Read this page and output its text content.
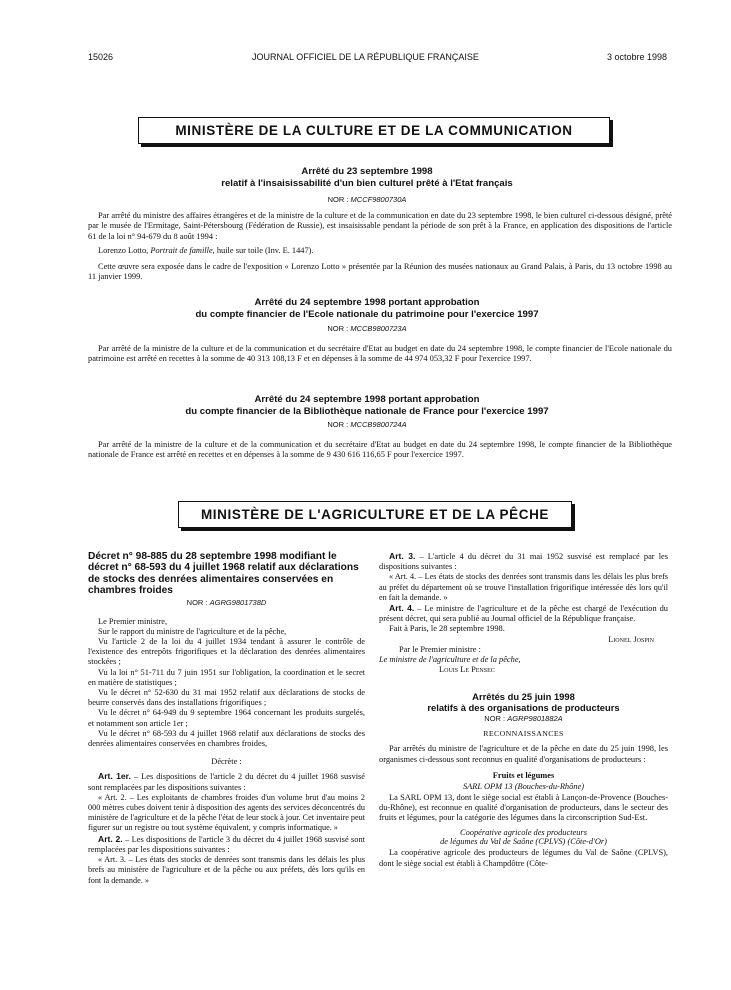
15026	JOURNAL OFFICIEL DE LA RÉPUBLIQUE FRANÇAISE	3 octobre 1998
MINISTÈRE DE LA CULTURE ET DE LA COMMUNICATION
Arrêté du 23 septembre 1998
relatif à l'insaisissabilité d'un bien culturel prêté à l'Etat français
NOR : MCCF9800730A

Par arrêté du ministre des affaires étrangères et de la ministre de la culture et de la communication en date du 23 septembre 1998, le bien culturel ci-dessous désigné, prêté par le musée de l'Ermitage, Saint-Pétersbourg (Fédération de Russie), est insaisissable pendant la période de son prêt à la France, en application des dispositions de l'article 61 de la loi n° 94-679 du 8 août 1994 :

Lorenzo Lotto, Portrait de famille, huile sur toile (Inv. E. 1447).

Cette œuvre sera exposée dans le cadre de l'exposition « Lorenzo Lotto » présentée par la Réunion des musées nationaux au Grand Palais, à Paris, du 13 octobre 1998 au 11 janvier 1999.

Arrêté du 24 septembre 1998 portant approbation
du compte financier de l'Ecole nationale du patrimoine pour l'exercice 1997
NOR : MCCB9800723A

Par arrêté de la ministre de la culture et de la communication et du secrétaire d'Etat au budget en date du 24 septembre 1998, le compte financier de l'Ecole nationale du patrimoine est arrêté en recettes à la somme de 40 313 108,13 F et en dépenses à la somme de 44 974 053,32 F pour l'exercice 1997.

Arrêté du 24 septembre 1998 portant approbation
du compte financier de la Bibliothèque nationale de France pour l'exercice 1997
NOR : MCCB9800724A

Par arrêté de la ministre de la culture et de la communication et du secrétaire d'Etat au budget en date du 24 septembre 1998, le compte financier de la Bibliothèque nationale de France est arrêté en recettes et en dépenses à la somme de 9 430 616 116,65 F pour l'exercice 1997.

MINISTÈRE DE L'AGRICULTURE ET DE LA PÊCHE

Décret n° 98-885 du 28 septembre 1998 modifiant le décret n° 68-593 du 4 juillet 1968 relatif aux déclarations de stocks des denrées alimentaires conservées en chambres froides

NOR : AGRG9801738D

Le Premier ministre,

Sur le rapport du ministre de l'agriculture et de la pêche,

Vu l'article 2 de la loi du 4 juillet 1934 tendant à assurer le contrôle de l'existence des entrepôts frigorifiques et la déclaration des denrées alimentaires stockées ;

Vu la loi n° 51-711 du 7 juin 1951 sur l'obligation, la coordination et le secret en matière de statistiques ;

Vu le décret n° 52-630 du 31 mai 1952 relatif aux déclarations de stocks de beurre conservés dans des installations frigorifiques ;

Vu le décret n° 64-949 du 9 septembre 1964 concernant les produits surgelés, et notamment son article 1er ;

Vu le décret n° 68-593 du 4 juillet 1968 relatif aux déclarations de stocks des denrées alimentaires conservées en chambres froides,

Décrète :

Art. 1er. – Les dispositions de l'article 2 du décret du 4 juillet 1968 susvisé sont remplacées par les dispositions suivantes :

« Art. 2. – Les exploitants de chambres froides d'un volume brut d'au moins 2 000 mètres cubes doivent tenir à disposition des agents des services déconcentrés du ministère de l'agriculture et de la pêche l'état de leur stock à jour. Cet inventaire peut figurer sur un registre ou tout système équivalent, y compris informatique. »

Art. 2. – Les dispositions de l'article 3 du décret du 4 juillet 1968 susvisé sont remplacées par les dispositions suivantes :

« Art. 3. – Les états des stocks de denrées sont transmis dans les délais les plus brefs au ministère de l'agriculture et de la pêche ou aux préfets, dès lors qu'ils en font la demande. »

Art. 3. – L'article 4 du décret du 31 mai 1952 susvisé est remplacé par les dispositions suivantes :

« Art. 4. – Les états de stocks des denrées sont transmis dans les délais les plus brefs au préfet du département où se trouve l'installation frigorifique intéressée dès lors qu'il en fait la demande. »

Art. 4. – Le ministre de l'agriculture et de la pêche est chargé de l'exécution du présent décret, qui sera publié au Journal officiel de la République française.

Fait à Paris, le 28 septembre 1998.

Lionel Jospin

Par le Premier ministre :

Le ministre de l'agriculture et de la pêche,

Louis Le Pensec

Arrêtés du 25 juin 1998
relatifs à des organisations de producteurs

NOR : AGRP9801882A

RECONNAISSANCES

Par arrêtés du ministre de l'agriculture et de la pêche en date du 25 juin 1998, les organismes ci-dessous sont reconnus en qualité d'organisations de producteurs :

Fruits et légumes

SARL OPM 13 (Bouches-du-Rhône)

La SARL OPM 13, dont le siège social est établi à Lançon-de-Provence (Bouches-du-Rhône), est reconnue en qualité d'organisation de producteurs, dans le secteur des fruits et légumes, pour la catégorie des légumes dans la circonscription Sud-Est.

Coopérative agricole des producteurs

de légumes du Val de Saône (CPLVS) (Côte-d'Or)

La coopérative agricole des producteurs de légumes du Val de Saône (CPLVS), dont le siège social est établi à Champdôtre (Côte-
